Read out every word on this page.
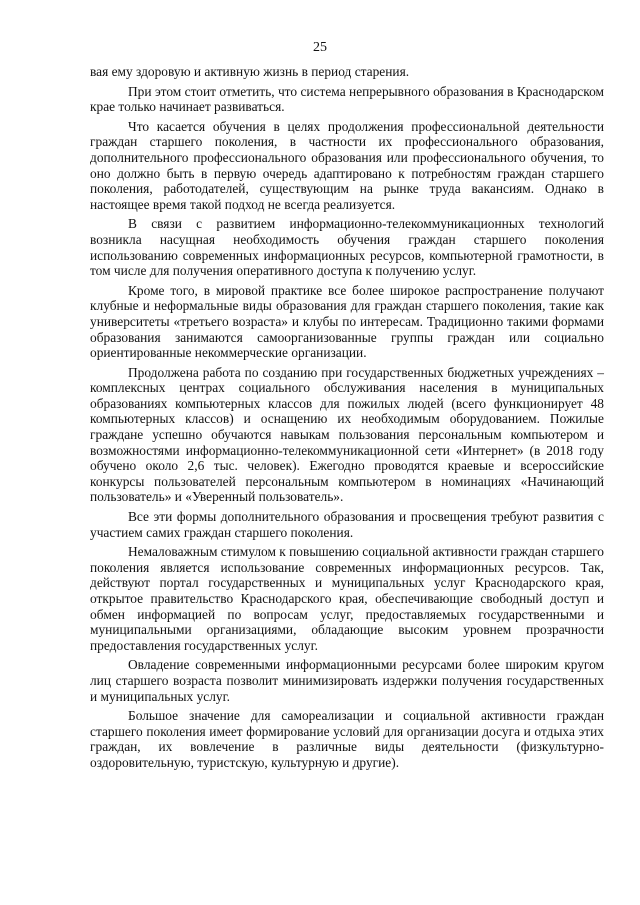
25

вая ему здоровую и активную жизнь в период старения.

При этом стоит отметить, что система непрерывного образования в Краснодарском крае только начинает развиваться.

Что касается обучения в целях продолжения профессиональной деятельности граждан старшего поколения, в частности их профессионального образования, дополнительного профессионального образования или профессионального обучения, то оно должно быть в первую очередь адаптировано к потребностям граждан старшего поколения, работодателей, существующим на рынке труда вакансиям. Однако в настоящее время такой подход не всегда реализуется.

В связи с развитием информационно-телекоммуникационных технологий возникла насущная необходимость обучения граждан старшего поколения использованию современных информационных ресурсов, компьютерной грамотности, в том числе для получения оперативного доступа к получению услуг.

Кроме того, в мировой практике все более широкое распространение получают клубные и неформальные виды образования для граждан старшего поколения, такие как университеты «третьего возраста» и клубы по интересам. Традиционно такими формами образования занимаются самоорганизованные группы граждан или социально ориентированные некоммерческие организации.

Продолжена работа по созданию при государственных бюджетных учреждениях – комплексных центрах социального обслуживания населения в муниципальных образованиях компьютерных классов для пожилых людей (всего функционирует 48 компьютерных классов) и оснащению их необходимым оборудованием. Пожилые граждане успешно обучаются навыкам пользования персональным компьютером и возможностями информационно-телекоммуникационной сети «Интернет» (в 2018 году обучено около 2,6 тыс. человек). Ежегодно проводятся краевые и всероссийские конкурсы пользователей персональным компьютером в номинациях «Начинающий пользователь» и «Уверенный пользователь».

Все эти формы дополнительного образования и просвещения требуют развития с участием самих граждан старшего поколения.

Немаловажным стимулом к повышению социальной активности граждан старшего поколения является использование современных информационных ресурсов. Так, действуют портал государственных и муниципальных услуг Краснодарского края, открытое правительство Краснодарского края, обеспечивающие свободный доступ и обмен информацией по вопросам услуг, предоставляемых государственными и муниципальными организациями, обладающие высоким уровнем прозрачности предоставления государственных услуг.

Овладение современными информационными ресурсами более широким кругом лиц старшего возраста позволит минимизировать издержки получения государственных и муниципальных услуг.

Большое значение для самореализации и социальной активности граждан старшего поколения имеет формирование условий для организации досуга и отдыха этих граждан, их вовлечение в различные виды деятельности (физкультурно-оздоровительную, туристскую, культурную и другие).
